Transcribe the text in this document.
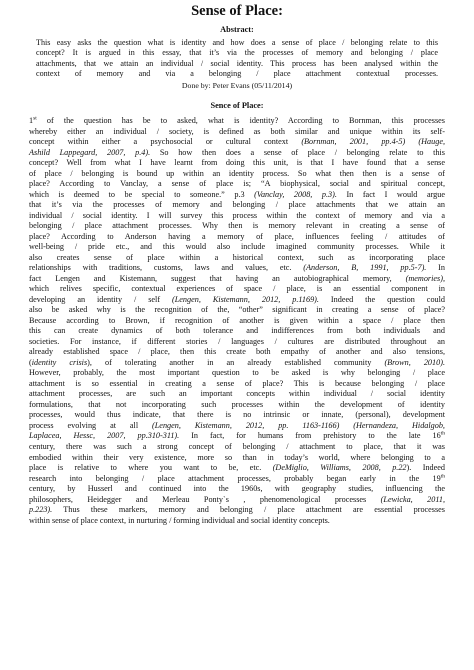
Sense of Place:
Abstract:
This easy asks the question what is identity and how does a sense of place / belonging relate to this
concept? It is argued in this essay, that it’s via the processes of memory and belonging / place
attachments, that we attain an individual / social identity. This process has been analysed within the
context of memory and via a belonging / place attachment contextual processes.
Done by: Peter Evans (05/11/2014)
Sence of Place:
1st of the question has be to asked, what is identity? According to Bornman, this processes
whereby either an individual / society, is defined as both similar and unique within its self-
concept within either a psychosocial or cultural context (Bornman, 2001, pp.4-5) (Hauge,
Ashild Lappegard, 2007, p.4). So how then does a sense of place / belonging relate to this
concept? Well from what I have learnt from doing this unit, is that I have found that a sense
of place / belonging is bound up within an identity process. So what then then is a sense of
place? According to Vanclay, a sense of place is; “A biophysical, social and spiritual concept,
which is deemed to be special to someone.” p.3 (Vanclay, 2008, p.3). In fact I would argue
that it’s via the processes of memory and belonging / place attachments that we attain an
individual / social identity. I will survey this process within the context of memory and via a
belonging / place attachment processes. Why then is memory relevant in creating a sense of
place? According to Anderson having a memory of place, influences feeling / attitudes of
well-being / pride etc., and this would also include imagined community processes. While it
also creates sense of place within a historical context, such as incorporating place
relationships with traditions, customs, laws and values, etc. (Anderson, B, 1991, pp.5-7). In
fact Lengen and Kistemann, suggest that having an autobiographical memory, (memories),
which relives specific, contextual experiences of space / place, is an essential component in
developing an identity / self (Lengen, Kistemann, 2012, p.1169). Indeed the question could
also be asked why is the recognition of the, “other” significant in creating a sense of place?
Because according to Brown, if recognition of another is given within a space / place then
this can create dynamics of both tolerance and indifferences from both individuals and
societies. For instance, if different stories / languages / cultures are distributed throughout an
already established space / place, then this create both empathy of another and also tensions,
(identity crisis), of tolerating another in an already established community (Brown, 2010).
However, probably, the most important question to be asked is why belonging / place
attachment is so essential in creating a sense of place? This is because belonging / place
attachment processes, are such an important concepts within individual / social identity
formulations, that not incorporating such processes within the development of identity
processes, would thus indicate, that there is no intrinsic or innate, (personal), development
process evolving at all (Lengen, Kistemann, 2012, pp. 1163-1166) (Hernandeza, Hidalgob,
Laplacea, Hessc, 2007, pp.310-311). In fact, for humans from prehistory to the late 16th
century, there was such a strong concept of belonging / attachment to place, that it was
embodied within their very existence, more so than in today’s world, where belonging to a
place is relative to where you want to be, etc. (DeMiglio, Williams, 2008, p.22). Indeed
research into belonging / place attachment processes, probably began early in the 19th
century, by Husserl and continued into the 1960s, with geography studies, influencing the
philosophers, Heidegger and Merleau Ponty`s , phenomenological processes (Lewicka, 2011,
p.223). Thus these markers, memory and belonging / place attachment are essential processes
within sense of place context, in nurturing / forming individual and social identity concepts.
